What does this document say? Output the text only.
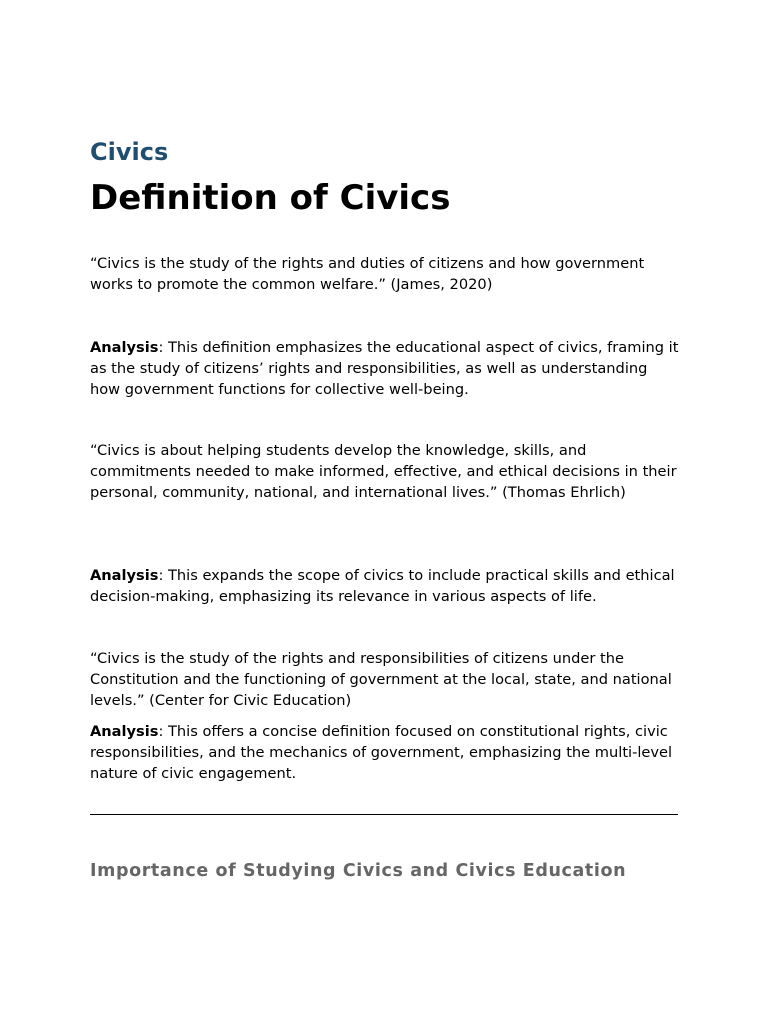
Civics
Definition of Civics

“Civics is the study of the rights and duties of citizens and how government works to promote the common welfare.” (James, 2020)

Analysis: This definition emphasizes the educational aspect of civics, framing it as the study of citizens’ rights and responsibilities, as well as understanding how government functions for collective well-being.

“Civics is about helping students develop the knowledge, skills, and commitments needed to make informed, effective, and ethical decisions in their personal, community, national, and international lives.” (Thomas Ehrlich)

Analysis: This expands the scope of civics to include practical skills and ethical decision-making, emphasizing its relevance in various aspects of life.

“Civics is the study of the rights and responsibilities of citizens under the Constitution and the functioning of government at the local, state, and national levels.” (Center for Civic Education)

Analysis: This offers a concise definition focused on constitutional rights, civic responsibilities, and the mechanics of government, emphasizing the multi-level nature of civic engagement.

Importance of Studying Civics and Civics Education
